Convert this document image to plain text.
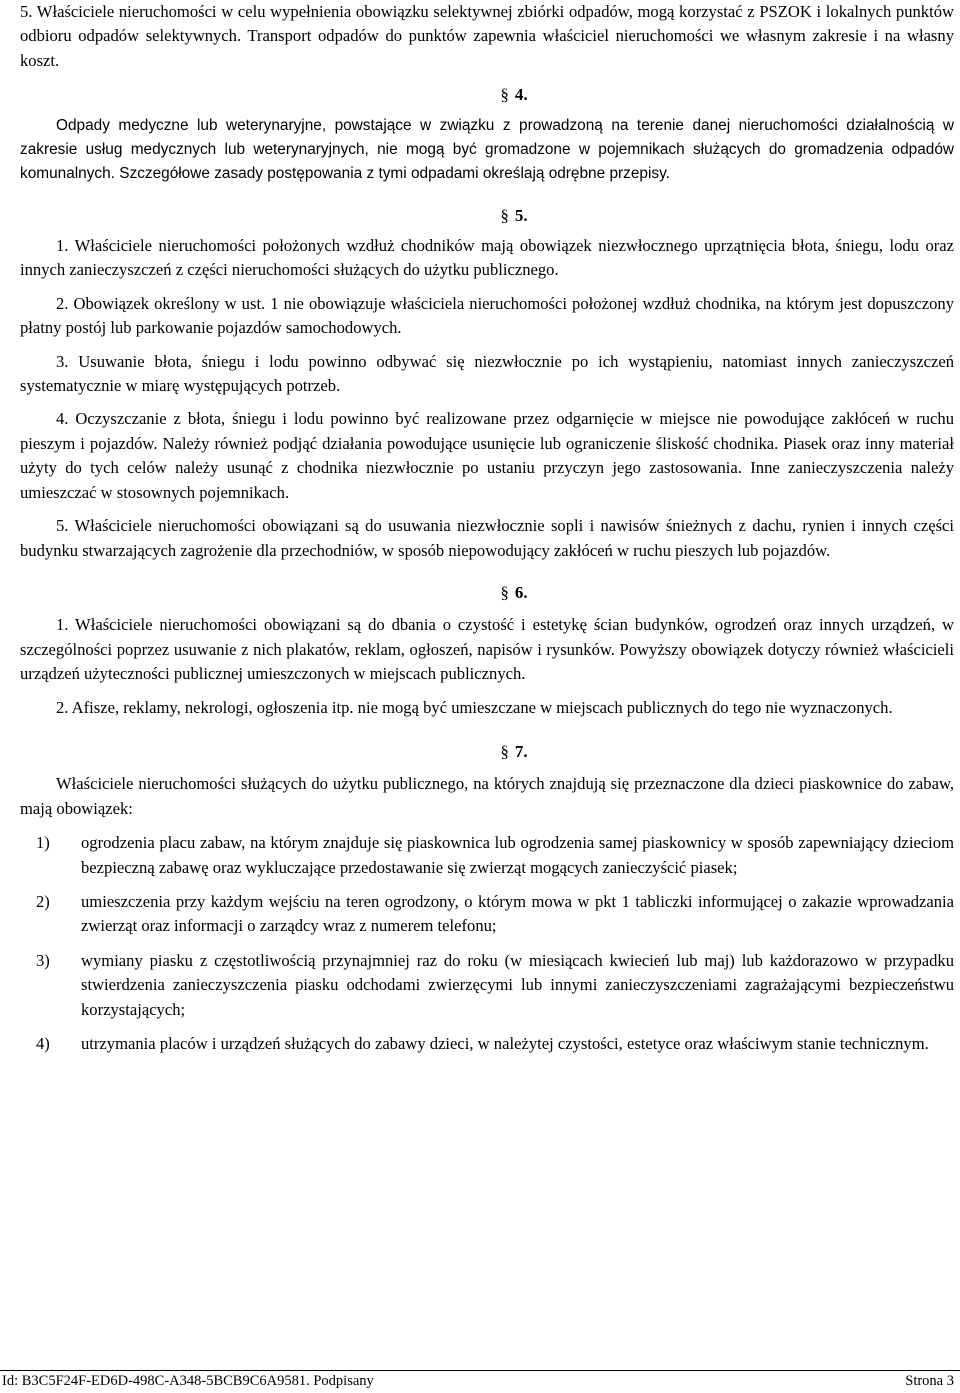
5. Właściciele nieruchomości w celu wypełnienia obowiązku selektywnej zbiórki odpadów, mogą korzystać z PSZOK i lokalnych punktów odbioru odpadów selektywnych. Transport odpadów do punktów zapewnia właściciel nieruchomości we własnym zakresie i na własny koszt.

§ 4.

Odpady medyczne lub weterynaryjne, powstające w związku z prowadzoną na terenie danej nieruchomości działalnością w zakresie usług medycznych lub weterynaryjnych, nie mogą być gromadzone w pojemnikach służących do gromadzenia odpadów komunalnych. Szczegółowe zasady postępowania z tymi odpadami określają odrębne przepisy.

§ 5.

1. Właściciele nieruchomości położonych wzdłuż chodników mają obowiązek niezwłocznego uprzątnięcia błota, śniegu, lodu oraz innych zanieczyszczeń z części nieruchomości służących do użytku publicznego.

2. Obowiązek określony w ust. 1 nie obowiązuje właściciela nieruchomości położonej wzdłuż chodnika, na którym jest dopuszczony płatny postój lub parkowanie pojazdów samochodowych.

3. Usuwanie błota, śniegu i lodu powinno odbywać się niezwłocznie po ich wystąpieniu, natomiast innych zanieczyszczeń systematycznie w miarę występujących potrzeb.

4. Oczyszczanie z błota, śniegu i lodu powinno być realizowane przez odgarnięcie w miejsce nie powodujące zakłóceń w ruchu pieszym i pojazdów. Należy również podjąć działania powodujące usunięcie lub ograniczenie śliskość chodnika. Piasek oraz inny materiał użyty do tych celów należy usunąć z chodnika niezwłocznie po ustaniu przyczyn jego zastosowania. Inne zanieczyszczenia należy umieszczać w stosownych pojemnikach.

5. Właściciele nieruchomości obowiązani są do usuwania niezwłocznie sopli i nawisów śnieżnych z dachu, rynien i innych części budynku stwarzających zagrożenie dla przechodniów, w sposób niepowodujący zakłóceń w ruchu pieszych lub pojazdów.

§ 6.

1. Właściciele nieruchomości obowiązani są do dbania o czystość i estetykę ścian budynków, ogrodzeń oraz innych urządzeń, w szczególności poprzez usuwanie z nich plakatów, reklam, ogłoszeń, napisów i rysunków. Powyższy obowiązek dotyczy również właścicieli urządzeń użyteczności publicznej umieszczonych w miejscach publicznych.

2. Afisze, reklamy, nekrologi, ogłoszenia itp. nie mogą być umieszczane w miejscach publicznych do tego nie wyznaczonych.

§ 7.

Właściciele nieruchomości służących do użytku publicznego, na których znajdują się przeznaczone dla dzieci piaskownice do zabaw, mają obowiązek:

1)	ogrodzenia placu zabaw, na którym znajduje się piaskownica lub ogrodzenia samej piaskownicy w sposób zapewniający dzieciom bezpieczną zabawę oraz wykluczające przedostawanie się zwierząt mogących zanieczyścić piasek;
2)	umieszczenia przy każdym wejściu na teren ogrodzony, o którym mowa w pkt 1 tabliczki informującej o zakazie wprowadzania zwierząt oraz informacji o zarządcy wraz z numerem telefonu;
3)	wymiany piasku z częstotliwością przynajmniej raz do roku (w miesiącach kwiecień lub maj) lub każdorazowo w przypadku stwierdzenia zanieczyszczenia piasku odchodami zwierzęcymi lub innymi zanieczyszczeniami zagrażającymi bezpieczeństwu korzystających;
4)	utrzymania placów i urządzeń służących do zabawy dzieci, w należytej czystości, estetyce oraz właściwym stanie technicznym.
Id: B3C5F24F-ED6D-498C-A348-5BCB9C6A9581. Podpisany	Strona 3
